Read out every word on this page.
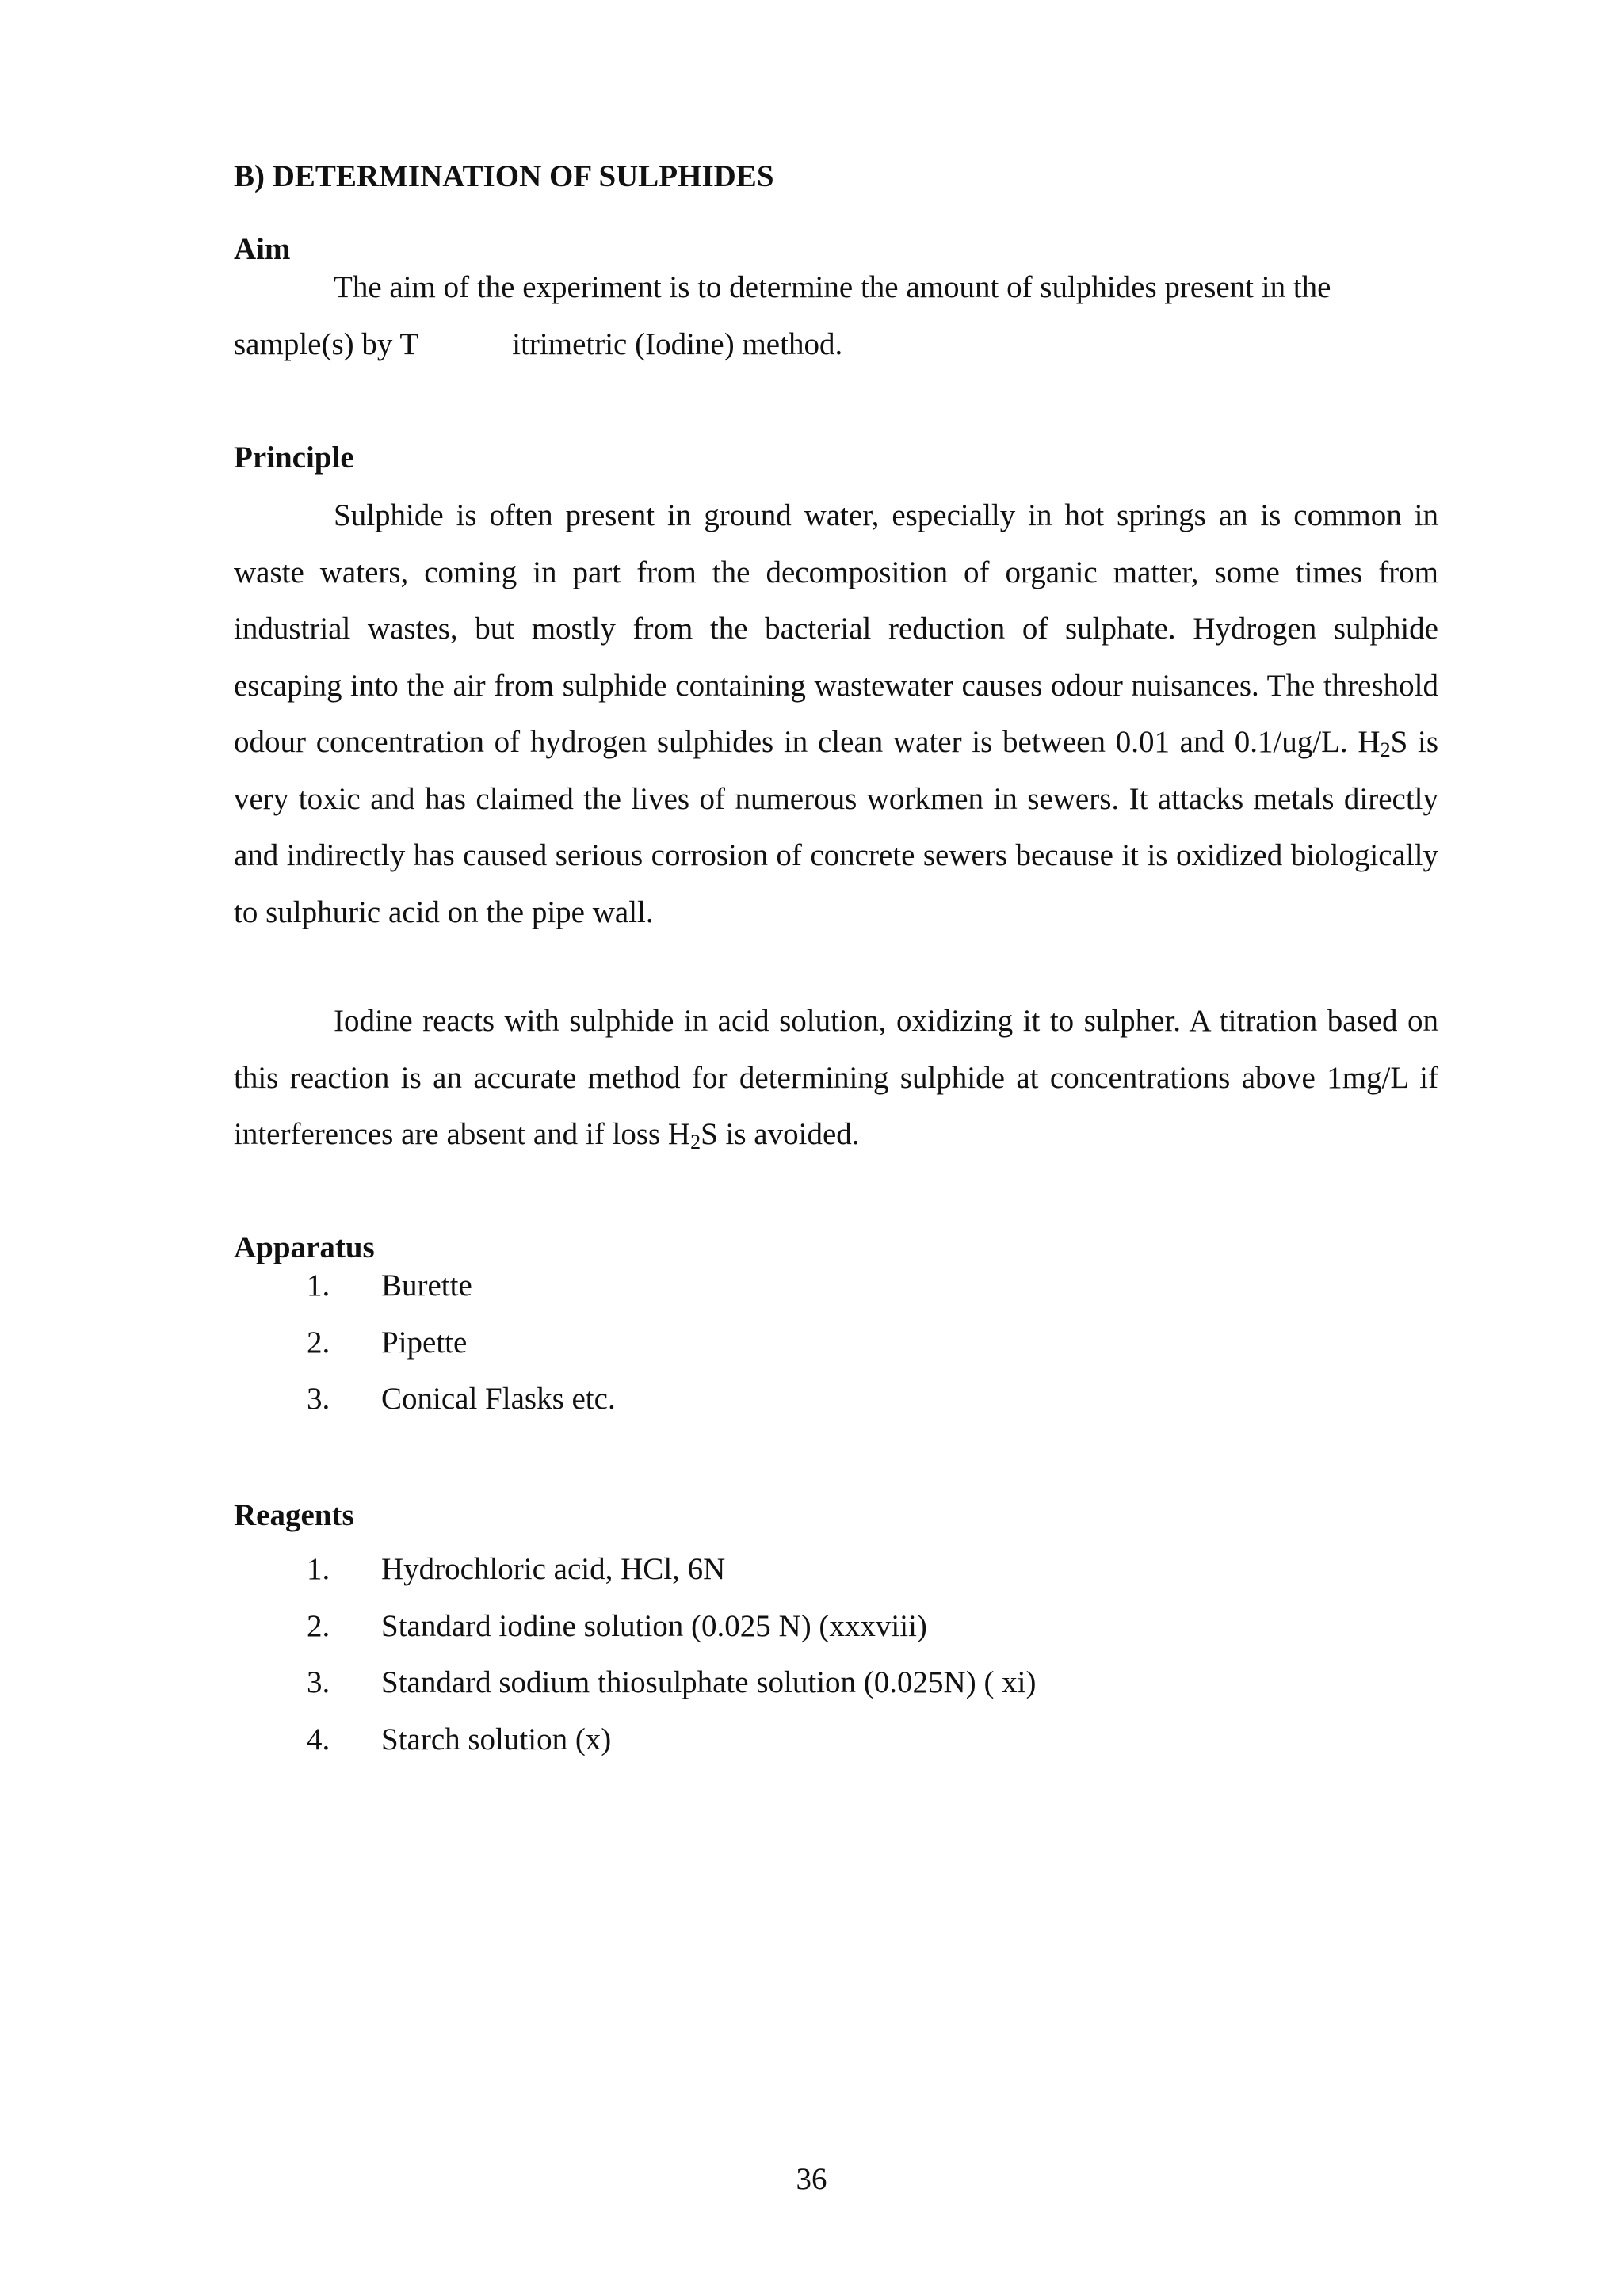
B) DETERMINATION OF SULPHIDES
Aim

The aim of the experiment is to determine the amount of sulphides present in the

sample(s) by T	itrimetric (Iodine) method.

Principle

Sulphide is often present in ground water, especially in hot springs an is common in waste waters, coming in part from the decomposition of organic matter, some times from industrial wastes, but mostly from the bacterial reduction of sulphate. Hydrogen sulphide escaping into the air from sulphide containing wastewater causes odour nuisances. The threshold odour concentration of hydrogen sulphides in clean water is between 0.01 and 0.1/ug/L. $H_2S$ is very toxic and has claimed the lives of numerous workmen in sewers. It attacks metals directly and indirectly has caused serious corrosion of concrete sewers because it is oxidized biologically to sulphuric acid on the pipe wall.

Iodine reacts with sulphide in acid solution, oxidizing it to sulpher. A titration based on this reaction is an accurate method for determining sulphide at concentrations above 1mg/L if interferences are absent and if loss $H_2S$ is avoided.

Apparatus
1. Burette
2. Pipette
3. Conical Flasks etc.
Reagents
1. Hydrochloric acid, HCl, 6N
2. Standard iodine solution (0.025 N) (xxxviii)
3. Standard sodium thiosulphate solution (0.025N) ( xi)
4. Starch solution (x)
36
